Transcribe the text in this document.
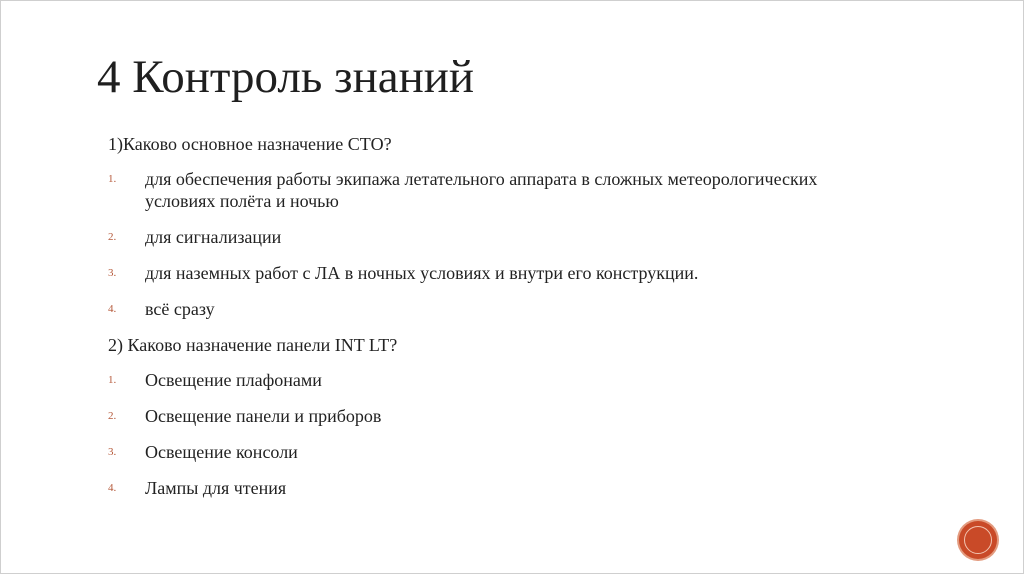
4 Контроль знаний

1)Каково основное назначение СТО?

1. для обеспечения работы экипажа летательного аппарата в сложных метеорологических условиях полёта и ночью
2. для сигнализации
3. для наземных работ с ЛА в ночных условиях и внутри его конструкции.
4. всё сразу

2) Каково назначение панели INT LT?

1. Освещение плафонами
2. Освещение панели и приборов
3. Освещение консоли
4. Лампы для чтения
